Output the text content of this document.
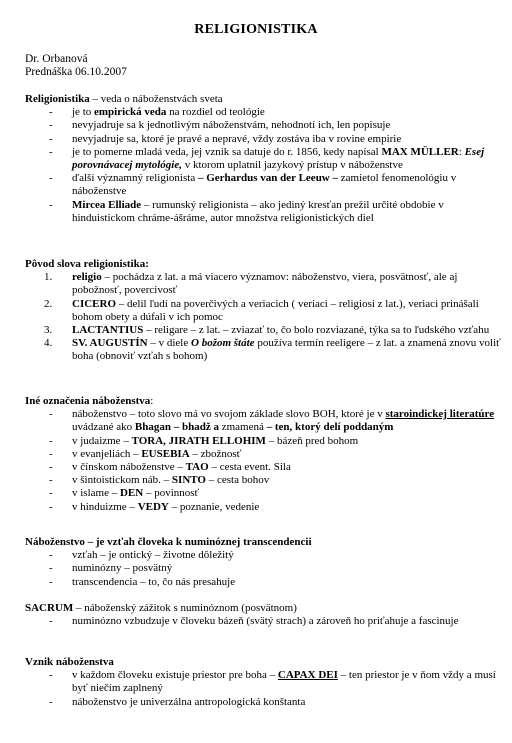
RELIGIONISTIKA
Dr. Orbanová
Prednáška 06.10.2007
Religionistika – veda o náboženstvách sveta
- je to empirická veda na rozdiel od teológie
- nevyjadruje sa k jednotlivým náboženstvám, nehodnotí ich, len popisuje
- nevyjadruje sa, ktoré je pravé a nepravé, vždy zostáva iba v rovine empirie
- je to pomerne mladá veda, jej vznik sa datuje do r. 1856, kedy napísal MAX MÜLLER: Esej porovnávacej mytológie, v ktorom uplatnil jazykový prístup v náboženstve
- ďalší významný religionista – Gerhardus van der Leeuw – zamietol fenomenológiu v náboženstve
- Mircea Elliade – rumunský religionista – ako jediný kresťan prežil určité obdobie v hinduistickom chráme-ášráme, autor množstva religionistických diel
Pôvod slova religionistika:
1. religio – pochádza z lat. a má viacero významov: náboženstvo, viera, posvätnosť, ale aj pobožnosť, povercivosť
2. CICERO – delil ľudí na poverčivých a veriacich ( veriaci – religiosi z lat.), veriaci prinášali bohom obety a dúfali v ich pomoc
3. LACTANTIUS – religare – z lat. – zviazať to, čo bolo rozviazané, týka sa to ľudského vzťahu
4. SV. AUGUSTÍN – v diele O božom štáte používa termín reeligere – z lat. a znamená znovu voliť boha (obnoviť vzťah s bohom)
Iné označenia náboženstva:
- náboženstvo – toto slovo má vo svojom základe slovo BOH, ktoré je v staroindickej literatúre uvádzané ako Bhagan – bhadž a zmamená – ten, ktorý delí poddaným
- v judaizme – TORA, JIRATH ELLOHIM – bázeň pred bohom
- v evanjeliách – EUSEBIA – zbožnosť
- v čínskom náboženstve – TAO – cesta event. Sila
- v šintoistickom náb. – SINTO – cesta bohov
- v islame – DEN – povinnosť
- v hinduizme – VEDY – poznanie, vedenie
Náboženstvo – je vzťah človeka k numinóznej transcendencii
- vzťah – je ontický – životne dôležitý
- numinózny – posvätný
- transcendencia – to, čo nás presahuje
SACRUM – náboženský zážitok s numinóznom (posvätnom)
- numinózno vzbudzuje v človeku bázeň (svätý strach) a zároveň ho priťahuje a fascinuje
Vznik náboženstva
- v každom človeku existuje priestor pre boha – CAPAX DEI – ten priestor je v ňom vždy a musí byť niečím zaplnený
- náboženstvo je univerzálna antropologická konštanta
